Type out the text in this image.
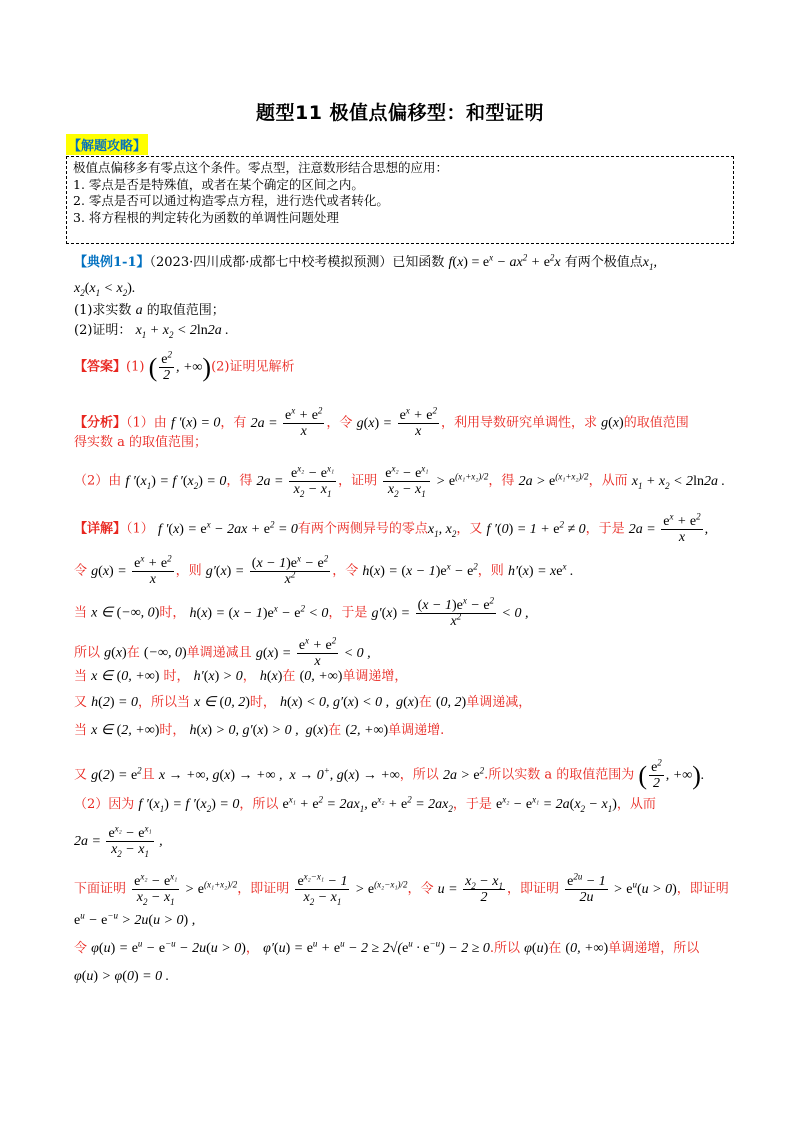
题型11 极值点偏移型：和型证明
【解题攻略】
极值点偏移多有零点这个条件。零点型，注意数形结合思想的应用：
1. 零点是否是特殊值，或者在某个确定的区间之内。
2. 零点是否可以通过构造零点方程，进行迭代或者转化。
3. 将方程根的判定转化为函数的单调性问题处理
【典例1-1】（2023·四川成都·成都七中校考模拟预测）已知函数 $f(x) = e^x - ax^2 + e^2x$ 有两个极值点$x_1$,
$x_2(x_1 < x_2)$.
(1)求实数 a 的取值范围；
(2)证明： $x_1 + x_2 < 2\ln 2a$ .
【答案】(1) ( $\frac{e^2}{2}$ , +∞)(2)证明见解析
【分析】（1）由 f ′(x) = 0，有 $2a = \frac{e^x + e^2}{x}$ ，令 $g(x) = \frac{e^x + e^2}{x}$ ，利用导数研究单调性，求 g(x)的取值范围
得实数 a 的取值范围；
（2）由 f $'(x_1) = f$ $'(x_2) = 0$，得 $2a = \frac{e^{x_2} - e^{x_1}}{x_2 - x_1}$ ，证明 $\frac{e^{x_2} - e^{x_1}}{x_2 - x_1} > e^{(x_1+x_2)/2}$，得 $2a > e^{(x_1+x_2)/2}$，从而 $x_1 + x_2 < 2\ln 2a$ .
【详解】（1） f $'(x) = e^x - 2ax + e^2 = 0$有两个两侧异号的零点$x_1$, $x_2$，又 f $'(0) = 1 + e^2 \ne 0$，于是 $2a = \frac{e^x + e^2}{x}$ ,
令 $g(x) = \frac{e^x + e^2}{x}$ ，则 $g'(x) = \frac{(x - 1)e^x - e^2}{x^2}$ ，令 $h(x) = (x - 1)e^x - e^2$，则 $h'(x) = xe^x$ .
当 x ∈ (−∞, 0)时， $h(x) = (x - 1)e^x - e^2 < 0$，于是 $g'(x) = \frac{(x - 1)e^x - e^2}{x^2} < 0$ ,
所以 g(x)在 (−∞, 0)单调递减且 $g(x) = \frac{e^x + e^2}{x} < 0$ ,
当 x ∈ (0, +∞) 时， h′(x) > 0， h(x)在 (0, +∞)单调递增，
又 h(2) = 0，所以当 x ∈ (0, 2)时， h(x) < 0, g′(x) < 0 ,  g(x)在 (0, 2)单调递减，
当 x ∈ (2, +∞)时， h(x) > 0, g′(x) > 0 ,  g(x)在 (2, +∞)单调递增.
又 $g(2) = e^2$且 x → +∞, g(x) → +∞ ,  x → 0+, g(x) → +∞，所以 $2a > e^2$.所以实数 a 的取值范围为 ( $\frac{e^2}{2}$ , +∞).
（2）因为 f $'(x_1) = f$ $'(x_2) = 0$，所以 $e^{x_1} + e^2 = 2ax_1$, $e^{x_2} + e^2 = 2ax_2$，于是 $e^{x_2} - e^{x_1} = 2a(x_2 - x_1)$，从而
$2a = \frac{e^{x_2} - e^{x_1}}{x_2 - x_1}$ ,
下面证明 $\frac{e^{x_2} - e^{x_1}}{x_2 - x_1} > e^{(x_1+x_2)/2}$，即证明 $\frac{e^{x_2-x_1} - 1}{x_2 - x_1} > e^{(x_2-x_1)/2}$，令 $u = \frac{x_2 - x_1}{2}$ ，即证明 $\frac{e^{2u} - 1}{2u} > e^u(u > 0)$，即证明
$e^u - e^{-u} > 2u(u > 0)$ ,
令 $\varphi(u) = e^u - e^{-u} - 2u(u > 0)$， $\varphi'(u) = e^u + e^u - 2 \ge 2√(e^u \cdot e^{-u}) - 2 \ge 0$.所以 φ(u)在 (0, +∞)单调递增，所以
φ(u) > φ(0) = 0 .
